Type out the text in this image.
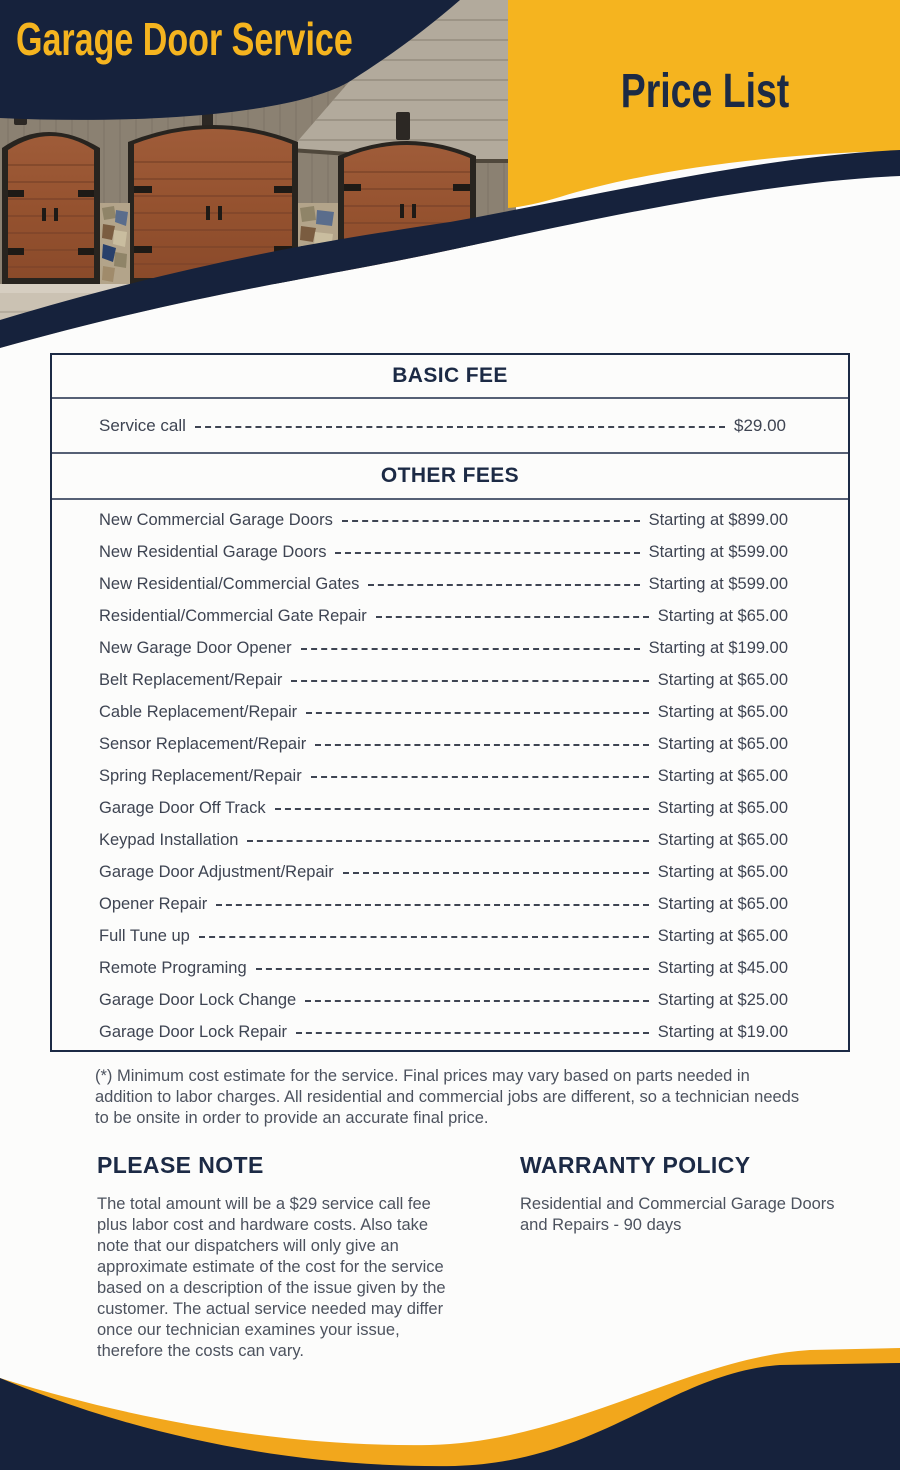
Garage Door Service
Price List
BASIC FEE
Service call	$29.00
OTHER FEES
New Commercial Garage Doors	Starting at $899.00
New Residential Garage Doors	Starting at $599.00
New Residential/Commercial Gates	Starting at $599.00
Residential/Commercial Gate Repair	Starting at $65.00
New Garage Door Opener	Starting at $199.00
Belt Replacement/Repair	Starting at $65.00
Cable Replacement/Repair	Starting at $65.00
Sensor Replacement/Repair	Starting at $65.00
Spring Replacement/Repair	Starting at $65.00
Garage Door Off Track	Starting at $65.00
Keypad Installation	Starting at $65.00
Garage Door Adjustment/Repair	Starting at $65.00
Opener Repair	Starting at $65.00
Full Tune up	Starting at $65.00
Remote Programing	Starting at $45.00
Garage Door Lock Change	Starting at $25.00
Garage Door Lock Repair	Starting at $19.00
(*) Minimum cost estimate for the service. Final prices may vary based on parts needed in addition to labor charges. All residential and commercial jobs are different, so a technician needs to be onsite in order to provide an accurate final price.
PLEASE NOTE
The total amount will be a $29 service call fee plus labor cost and hardware costs. Also take note that our dispatchers will only give an approximate estimate of the cost for the service based on a description of the issue given by the customer. The actual service needed may differ once our technician examines your issue, therefore the costs can vary.
WARRANTY POLICY
Residential and Commercial Garage Doors and Repairs - 90 days
